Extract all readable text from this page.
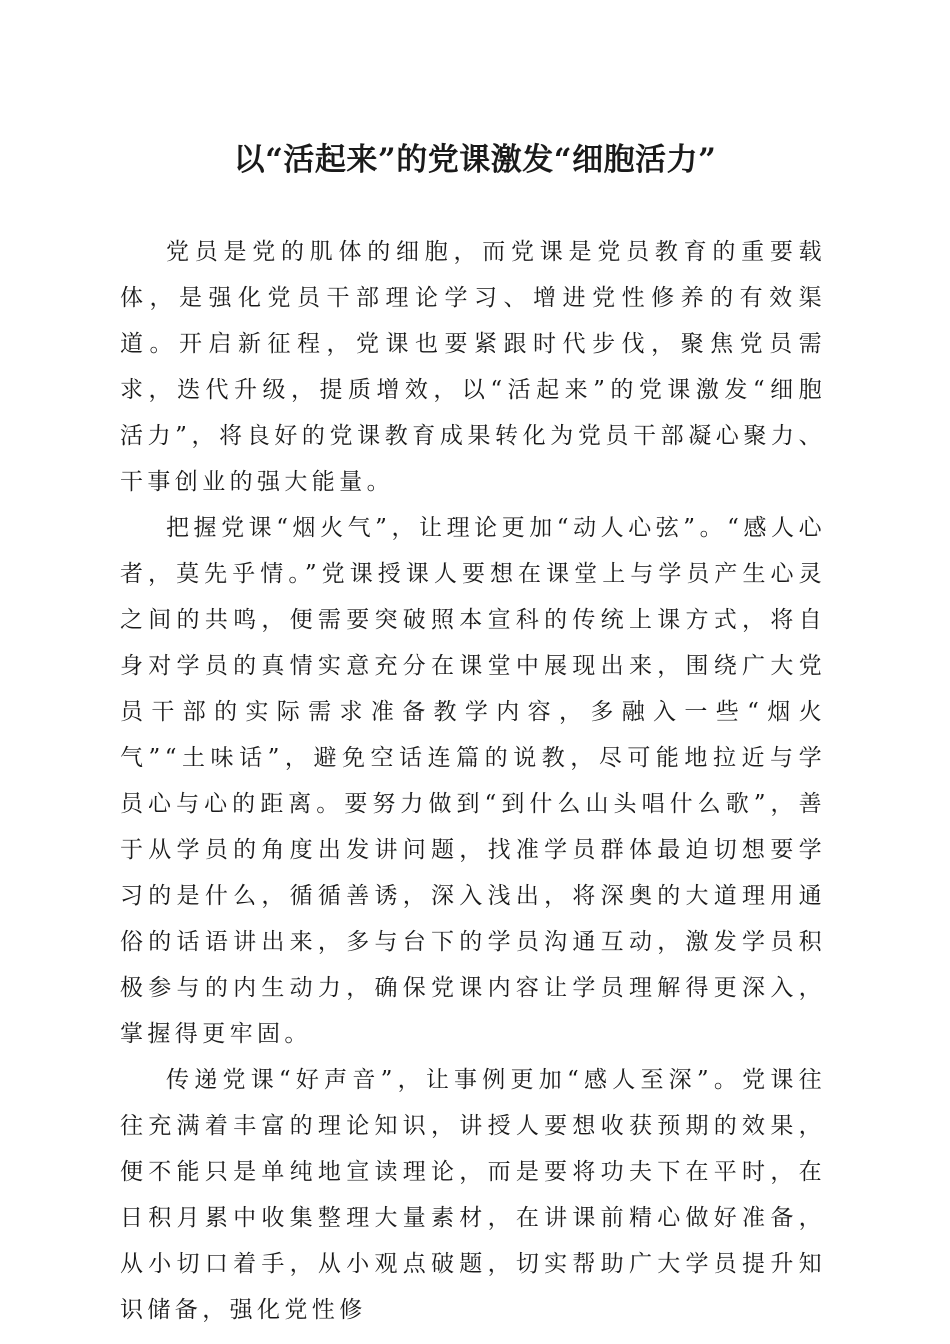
以“活起来”的党课激发“细胞活力”

党员是党的肌体的细胞，而党课是党员教育的重要载体，是强化党员干部理论学习、增进党性修养的有效渠道。开启新征程，党课也要紧跟时代步伐，聚焦党员需求，迭代升级，提质增效，以“活起来”的党课激发“细胞活力”，将良好的党课教育成果转化为党员干部凝心聚力、干事创业的强大能量。

把握党课“烟火气”，让理论更加“动人心弦”。“感人心者，莫先乎情。”党课授课人要想在课堂上与学员产生心灵之间的共鸣，便需要突破照本宣科的传统上课方式，将自身对学员的真情实意充分在课堂中展现出来，围绕广大党员干部的实际需求准备教学内容，多融入一些“烟火气”“土味话”，避免空话连篇的说教，尽可能地拉近与学员心与心的距离。要努力做到“到什么山头唱什么歌”，善于从学员的角度出发讲问题，找准学员群体最迫切想要学习的是什么，循循善诱，深入浅出，将深奥的大道理用通俗的话语讲出来，多与台下的学员沟通互动，激发学员积极参与的内生动力，确保党课内容让学员理解得更深入，掌握得更牢固。

传递党课“好声音”，让事例更加“感人至深”。党课往往充满着丰富的理论知识，讲授人要想收获预期的效果，便不能只是单纯地宣读理论，而是要将功夫下在平时，在日积月累中收集整理大量素材，在讲课前精心做好准备，从小切口着手，从小观点破题，切实帮助广大学员提升知识储备，强化党性修
